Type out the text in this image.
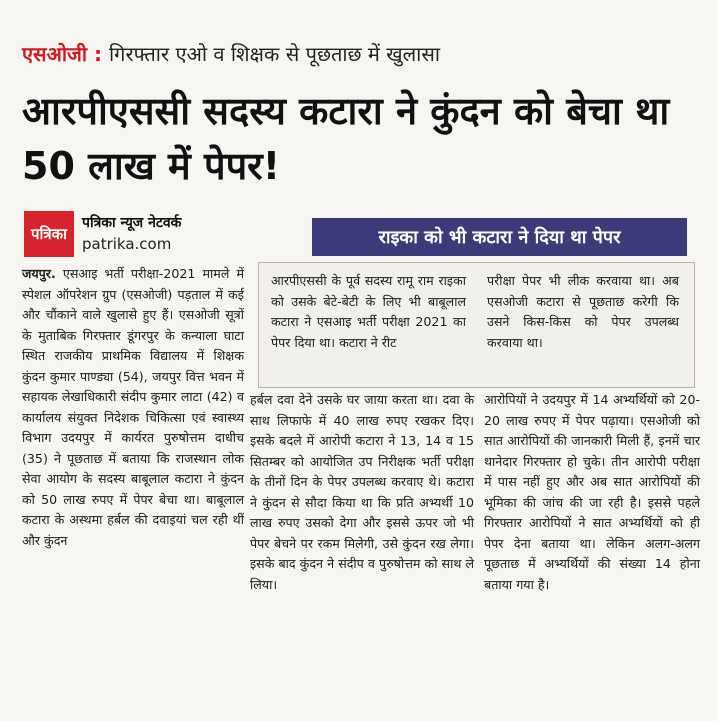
एसओजी : गिरफ्तार एओ व शिक्षक से पूछताछ में खुलासा
आरपीएससी सदस्य कटारा ने कुंदन को बेचा था 50 लाख में पेपर!
पत्रिका
पत्रिका न्यूज नेटवर्क
patrika.com	राइका को भी कटारा ने दिया था पेपर
जयपुर. एसआइ भर्ती परीक्षा-2021 मामले में स्पेशल ऑपरेशन ग्रुप (एसओजी) पड़ताल में कई और चौंकाने वाले खुलासे हुए हैं। एसओजी सूत्रों के मुताबिक गिरफ्तार डूंगरपुर के कन्याला घाटा स्थित राजकीय प्राथमिक विद्यालय में शिक्षक कुंदन कुमार पाण्ड्या (54), जयपुर वित्त भवन में सहायक लेखाधिकारी संदीप कुमार लाटा (42) व कार्यालय संयुक्त निदेशक चिकित्सा एवं स्वास्थ्य विभाग उदयपुर में कार्यरत पुरुषोत्तम दाधीच (35) ने पूछताछ में बताया कि राजस्थान लोक सेवा आयोग के सदस्य बाबूलाल कटारा ने कुंदन को 50 लाख रुपए में पेपर बेचा था। बाबूलाल कटारा के अस्थमा हर्बल की दवाइयां चल रही थीं और कुंदन
आरपीएससी के पूर्व सदस्य रामू राम राइका को उसके बेटे-बेटी के लिए भी बाबूलाल कटारा ने एसआइ भर्ती परीक्षा 2021 का पेपर दिया था। कटारा ने रीट
परीक्षा पेपर भी लीक करवाया था। अब एसओजी कटारा से पूछताछ करेगी कि उसने किस-किस को पेपर उपलब्ध करवाया था।
हर्बल दवा देने उसके घर जाया करता था। दवा के साथ लिफाफे में 40 लाख रुपए रखकर दिए। इसके बदले में आरोपी कटारा ने 13, 14 व 15 सितम्बर को आयोजित उप निरीक्षक भर्ती परीक्षा के तीनों दिन के पेपर उपलब्ध करवाए थे। कटारा ने कुंदन से सौदा किया था कि प्रति अभ्यर्थी 10 लाख रुपए उसको देगा और इससे ऊपर जो भी पेपर बेचने पर रकम मिलेगी, उसे कुंदन रख लेगा। इसके बाद कुंदन ने संदीप व पुरुषोत्तम को साथ ले लिया।
आरोपियों ने उदयपुर में 14 अभ्यर्थियों को 20-20 लाख रुपए में पेपर पढ़ाया। एसओजी को सात आरोपियों की जानकारी मिली हैं, इनमें चार थानेदार गिरफ्तार हो चुके। तीन आरोपी परीक्षा में पास नहीं हुए और अब सात आरोपियों की भूमिका की जांच की जा रही है। इससे पहले गिरफ्तार आरोपियों ने सात अभ्यर्थियों को ही पेपर देना बताया था। लेकिन अलग-अलग पूछताछ में अभ्यर्थियों की संख्या 14 होना बताया गया है।
